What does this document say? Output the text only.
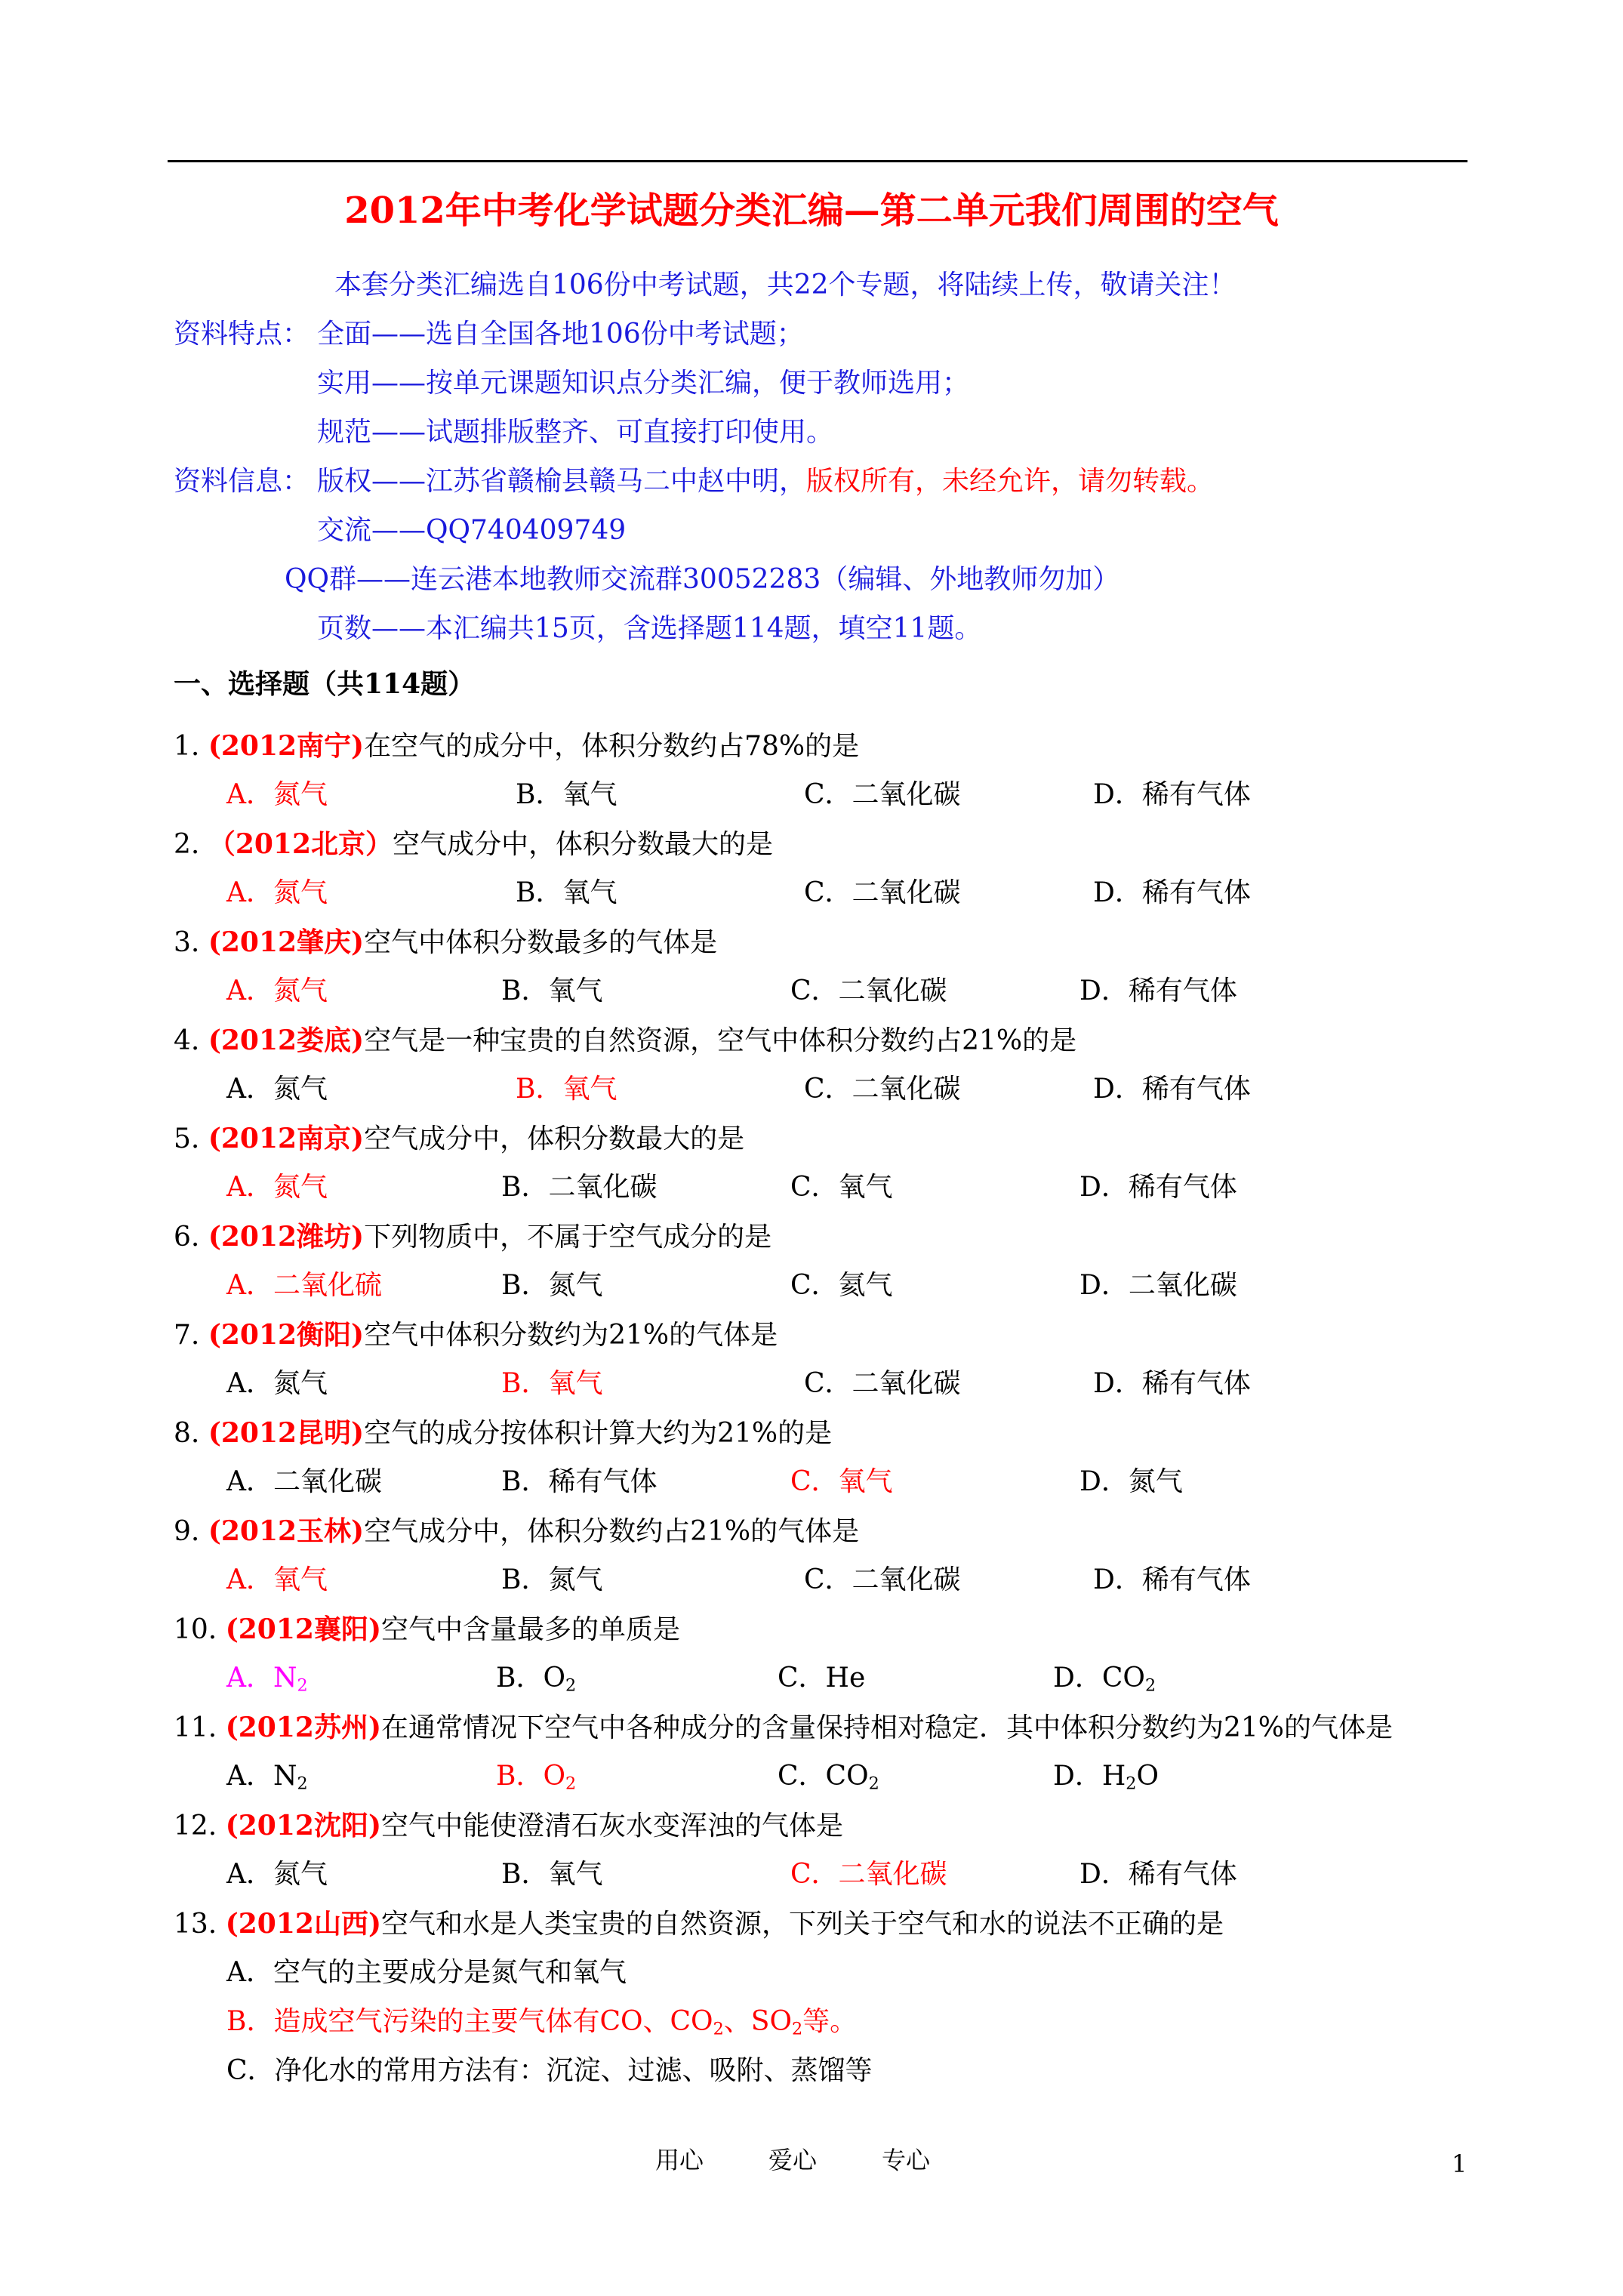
2012年中考化学试题分类汇编—第二单元我们周围的空气
本套分类汇编选自106份中考试题，共22个专题，将陆续上传，敬请关注！
资料特点： 全面——选自全国各地106份中考试题；
实用——按单元课题知识点分类汇编，便于教师选用；
规范——试题排版整齐、可直接打印使用。
资料信息： 版权——江苏省赣榆县赣马二中赵中明，版权所有，未经允许，请勿转载。
交流——QQ740409749
QQ群——连云港本地教师交流群30052283（编辑、外地教师勿加）
页数——本汇编共15页，含选择题114题，填空11题。
一、选择题（共114题）
1. (2012南宁)在空气的成分中，体积分数约占78%的是
A．氮气	B．氧气	C．二氧化碳	D．稀有气体
2. （2012北京）空气成分中，体积分数最大的是
A．氮气	B．氧气	C．二氧化碳	D．稀有气体
3. (2012肇庆)空气中体积分数最多的气体是
A．氮气	B．氧气	C．二氧化碳	D．稀有气体
4. (2012娄底)空气是一种宝贵的自然资源，空气中体积分数约占21%的是
A．氮气	B．氧气	C．二氧化碳	D．稀有气体
5. (2012南京)空气成分中，体积分数最大的是
A．氮气	B．二氧化碳	C．氧气	D．稀有气体
6. (2012潍坊)下列物质中，不属于空气成分的是
A．二氧化硫	B．氮气	C．氦气	D．二氧化碳
7. (2012衡阳)空气中体积分数约为21%的气体是
A．氮气	B．氧气	C．二氧化碳	D．稀有气体
8. (2012昆明)空气的成分按体积计算大约为21%的是
A．二氧化碳	B．稀有气体	C．氧气	D．氮气
9. (2012玉林)空气成分中，体积分数约占21%的气体是
A．氧气	B．氮气	C．二氧化碳	D．稀有气体
10. (2012襄阳)空气中含量最多的单质是
A．$N_2$	B．$O_2$	C．He	D．$CO_2$
11. (2012苏州)在通常情况下空气中各种成分的含量保持相对稳定．其中体积分数约为21%的气体是
A．$N_2$	B．$O_2$	C．$CO_2$	D．$H_2O$
12. (2012沈阳)空气中能使澄清石灰水变浑浊的气体是
A．氮气	B．氧气	C．二氧化碳	D．稀有气体
13. (2012山西)空气和水是人类宝贵的自然资源，下列关于空气和水的说法不正确的是
A．空气的主要成分是氮气和氧气
B．造成空气污染的主要气体有CO、$CO_2$、$SO_2$等。
C．净化水的常用方法有：沉淀、过滤、吸附、蒸馏等
用心	爱心	专心	1
